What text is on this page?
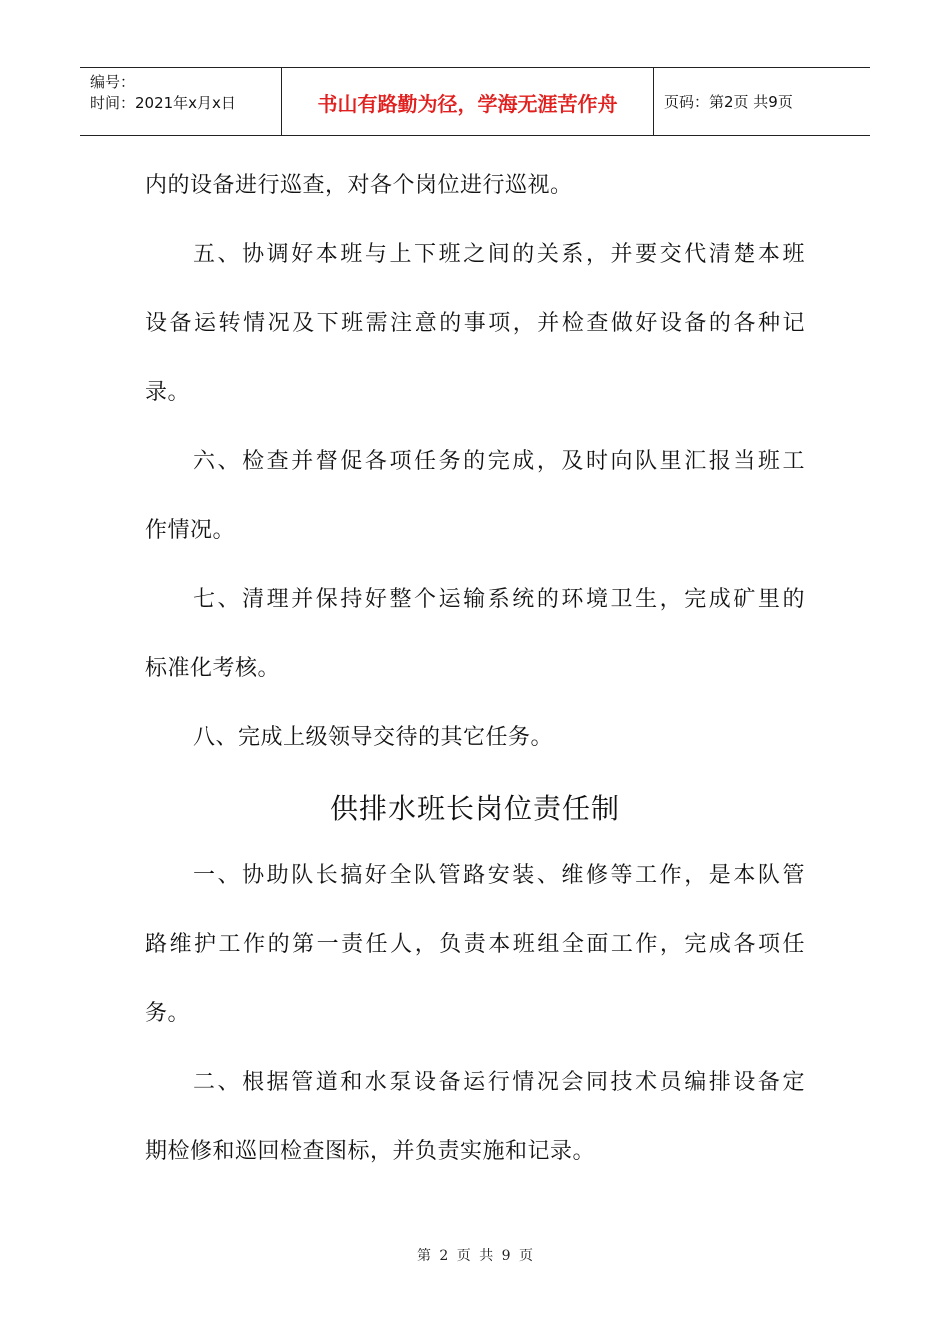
编号：
时间：2021年x月x日	书山有路勤为径，学海无涯苦作舟	页码：第2页 共9页
内的设备进行巡查，对各个岗位进行巡视。
五、协调好本班与上下班之间的关系，并要交代清楚本班
设备运转情况及下班需注意的事项，并检查做好设备的各种记
录。
六、检查并督促各项任务的完成，及时向队里汇报当班工
作情况。
七、清理并保持好整个运输系统的环境卫生，完成矿里的
标准化考核。
八、完成上级领导交待的其它任务。
供排水班长岗位责任制
一、协助队长搞好全队管路安装、维修等工作，是本队管
路维护工作的第一责任人，负责本班组全面工作，完成各项任
务。
二、根据管道和水泵设备运行情况会同技术员编排设备定
期检修和巡回检查图标，并负责实施和记录。
第 2 页 共 9 页
